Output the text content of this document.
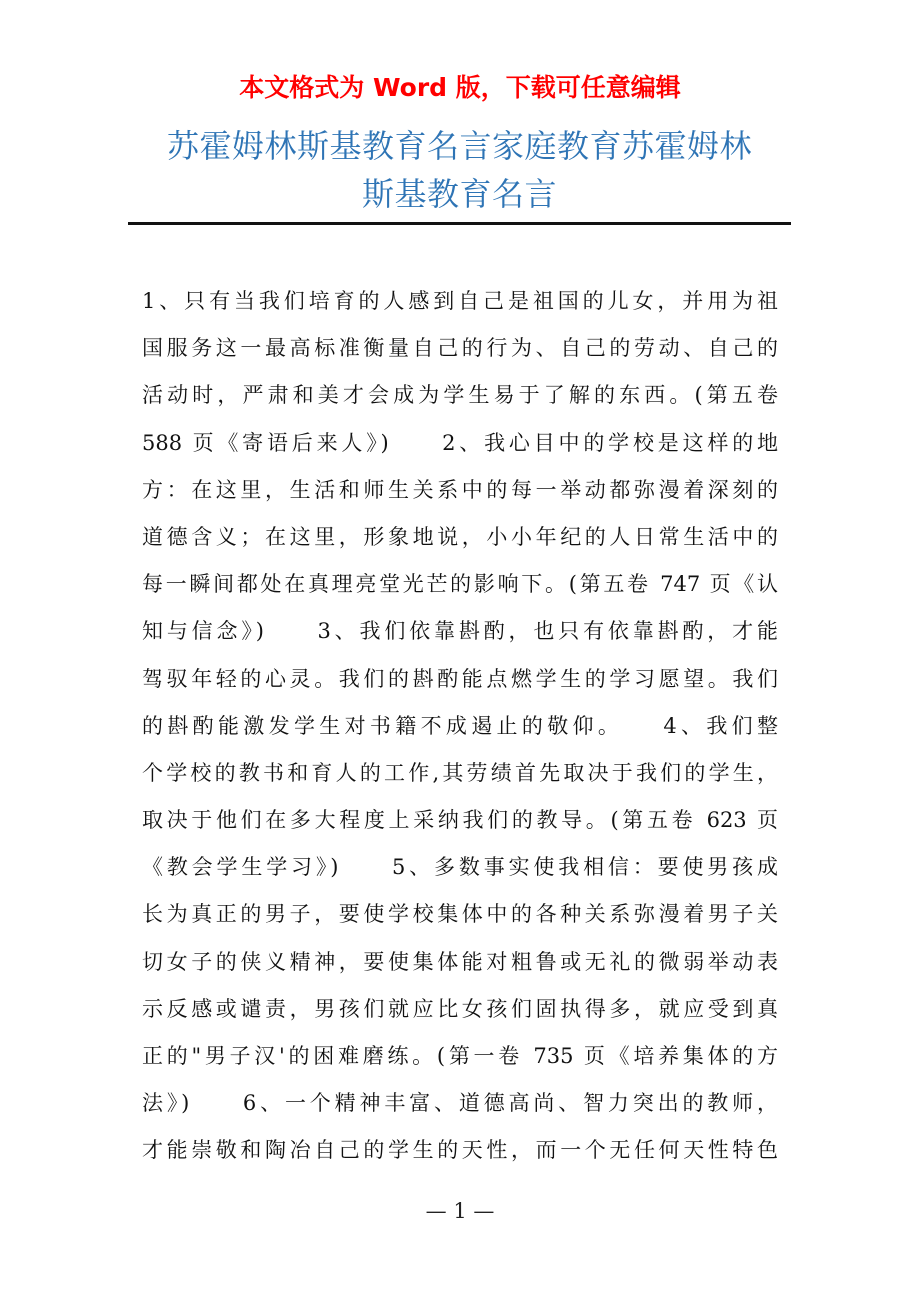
本文格式为 Word 版，下载可任意编辑
苏霍姆林斯基教育名言家庭教育苏霍姆林
斯基教育名言
1、只有当我们培育的人感到自己是祖国的儿女，并用为祖
国服务这一最高标准衡量自己的行为、自己的劳动、自己的
活动时，严肃和美才会成为学生易于了解的东西。(第五卷
588 页《寄语后来人》)　　2、我心目中的学校是这样的地
方：在这里，生活和师生关系中的每一举动都弥漫着深刻的
道德含义；在这里，形象地说，小小年纪的人日常生活中的
每一瞬间都处在真理亮堂光芒的影响下。(第五卷 747 页《认
知与信念》)　　3、我们依靠斟酌，也只有依靠斟酌，才能
驾驭年轻的心灵。我们的斟酌能点燃学生的学习愿望。我们
的斟酌能激发学生对书籍不成遏止的敬仰。　　4、我们整
个学校的教书和育人的工作,其劳绩首先取决于我们的学生，
取决于他们在多大程度上采纳我们的教导。(第五卷 623 页
《教会学生学习》)　　5、多数事实使我相信：要使男孩成
长为真正的男子，要使学校集体中的各种关系弥漫着男子关
切女子的侠义精神，要使集体能对粗鲁或无礼的微弱举动表
示反感或谴责，男孩们就应比女孩们固执得多，就应受到真
正的"男子汉'的困难磨练。(第一卷 735 页《培养集体的方
法》)　　6、一个精神丰富、道德高尚、智力突出的教师，
才能崇敬和陶冶自己的学生的天性，而一个无任何天性特色
— 1 —
